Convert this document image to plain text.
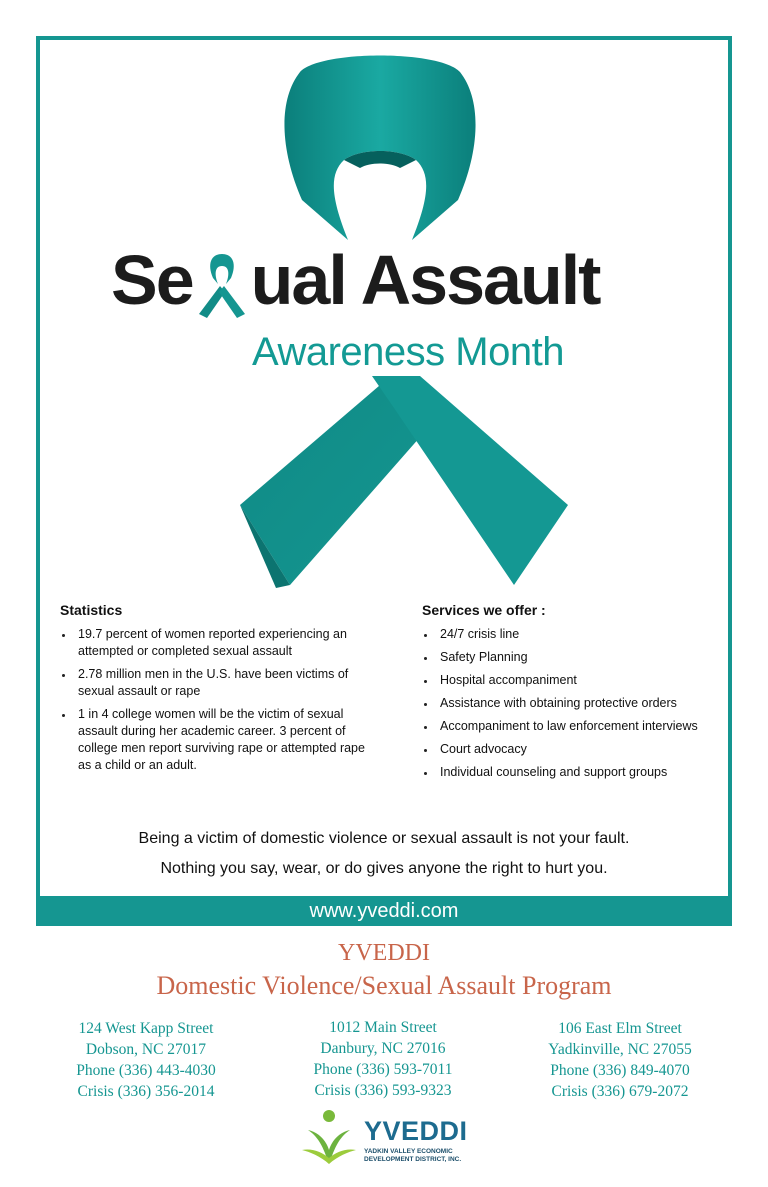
Se ual Assault
Awareness Month
Statistics
19.7 percent of women reported experiencing an attempted or completed sexual assault
2.78 million men in the U.S. have been victims of sexual assault or rape
1 in 4 college women will be the victim of sexual assault during her academic career. 3 percent of college men report surviving rape or attempted rape as a child or an adult.
Services we offer :
24/7 crisis line
Safety Planning
Hospital accompaniment
Assistance with obtaining protective orders
Accompaniment to law enforcement interviews
Court advocacy
Individual counseling and support groups
Being a victim of domestic violence or sexual assault is not your fault.
Nothing you say, wear, or do gives anyone the right to hurt you.
www.yveddi.com
YVEDDI
Domestic Violence/Sexual Assault Program
124 West Kapp Street
Dobson, NC 27017
Phone (336) 443-4030
Crisis (336) 356-2014
1012 Main Street
Danbury, NC 27016
Phone (336) 593-7011
Crisis (336) 593-9323
106 East Elm Street
Yadkinville, NC 27055
Phone (336) 849-4070
Crisis (336) 679-2072
YVEDDI
YADKIN VALLEY ECONOMIC
DEVELOPMENT DISTRICT, INC.
